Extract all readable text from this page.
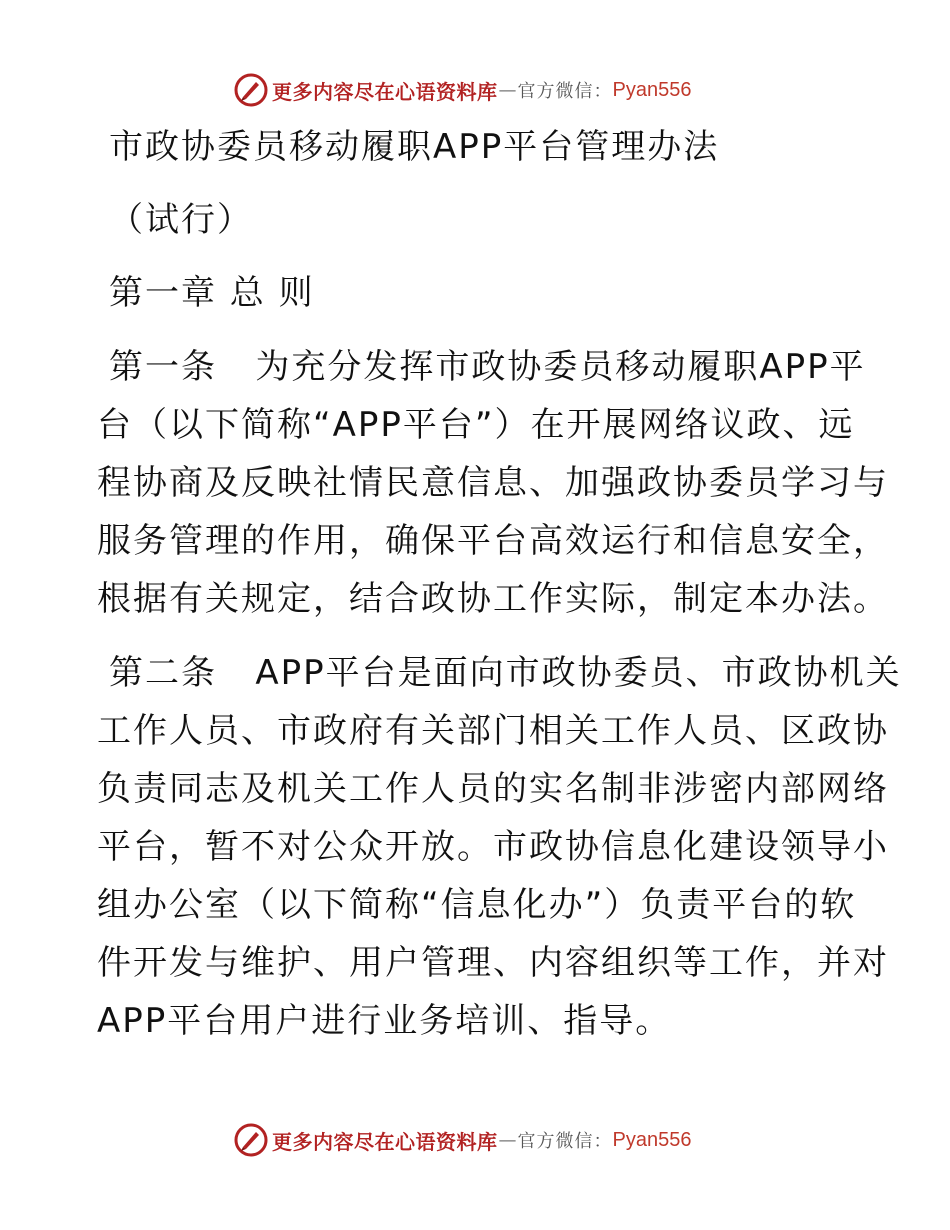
更多内容尽在心语资料库 — 官方微信： Pyan556

市政协委员移动履职APP平台管理办法

（试行）

第一章 总 则

第一条   为充分发挥市政协委员移动履职APP平

台（以下简称“APP平台”）在开展网络议政、远

程协商及反映社情民意信息、加强政协委员学习与

服务管理的作用，确保平台高效运行和信息安全，

根据有关规定，结合政协工作实际，制定本办法。

第二条   APP平台是面向市政协委员、市政协机关

工作人员、市政府有关部门相关工作人员、区政协

负责同志及机关工作人员的实名制非涉密内部网络

平台，暂不对公众开放。市政协信息化建设领导小

组办公室（以下简称“信息化办”）负责平台的软

件开发与维护、用户管理、内容组织等工作，并对

APP平台用户进行业务培训、指导。

更多内容尽在心语资料库 — 官方微信： Pyan556
